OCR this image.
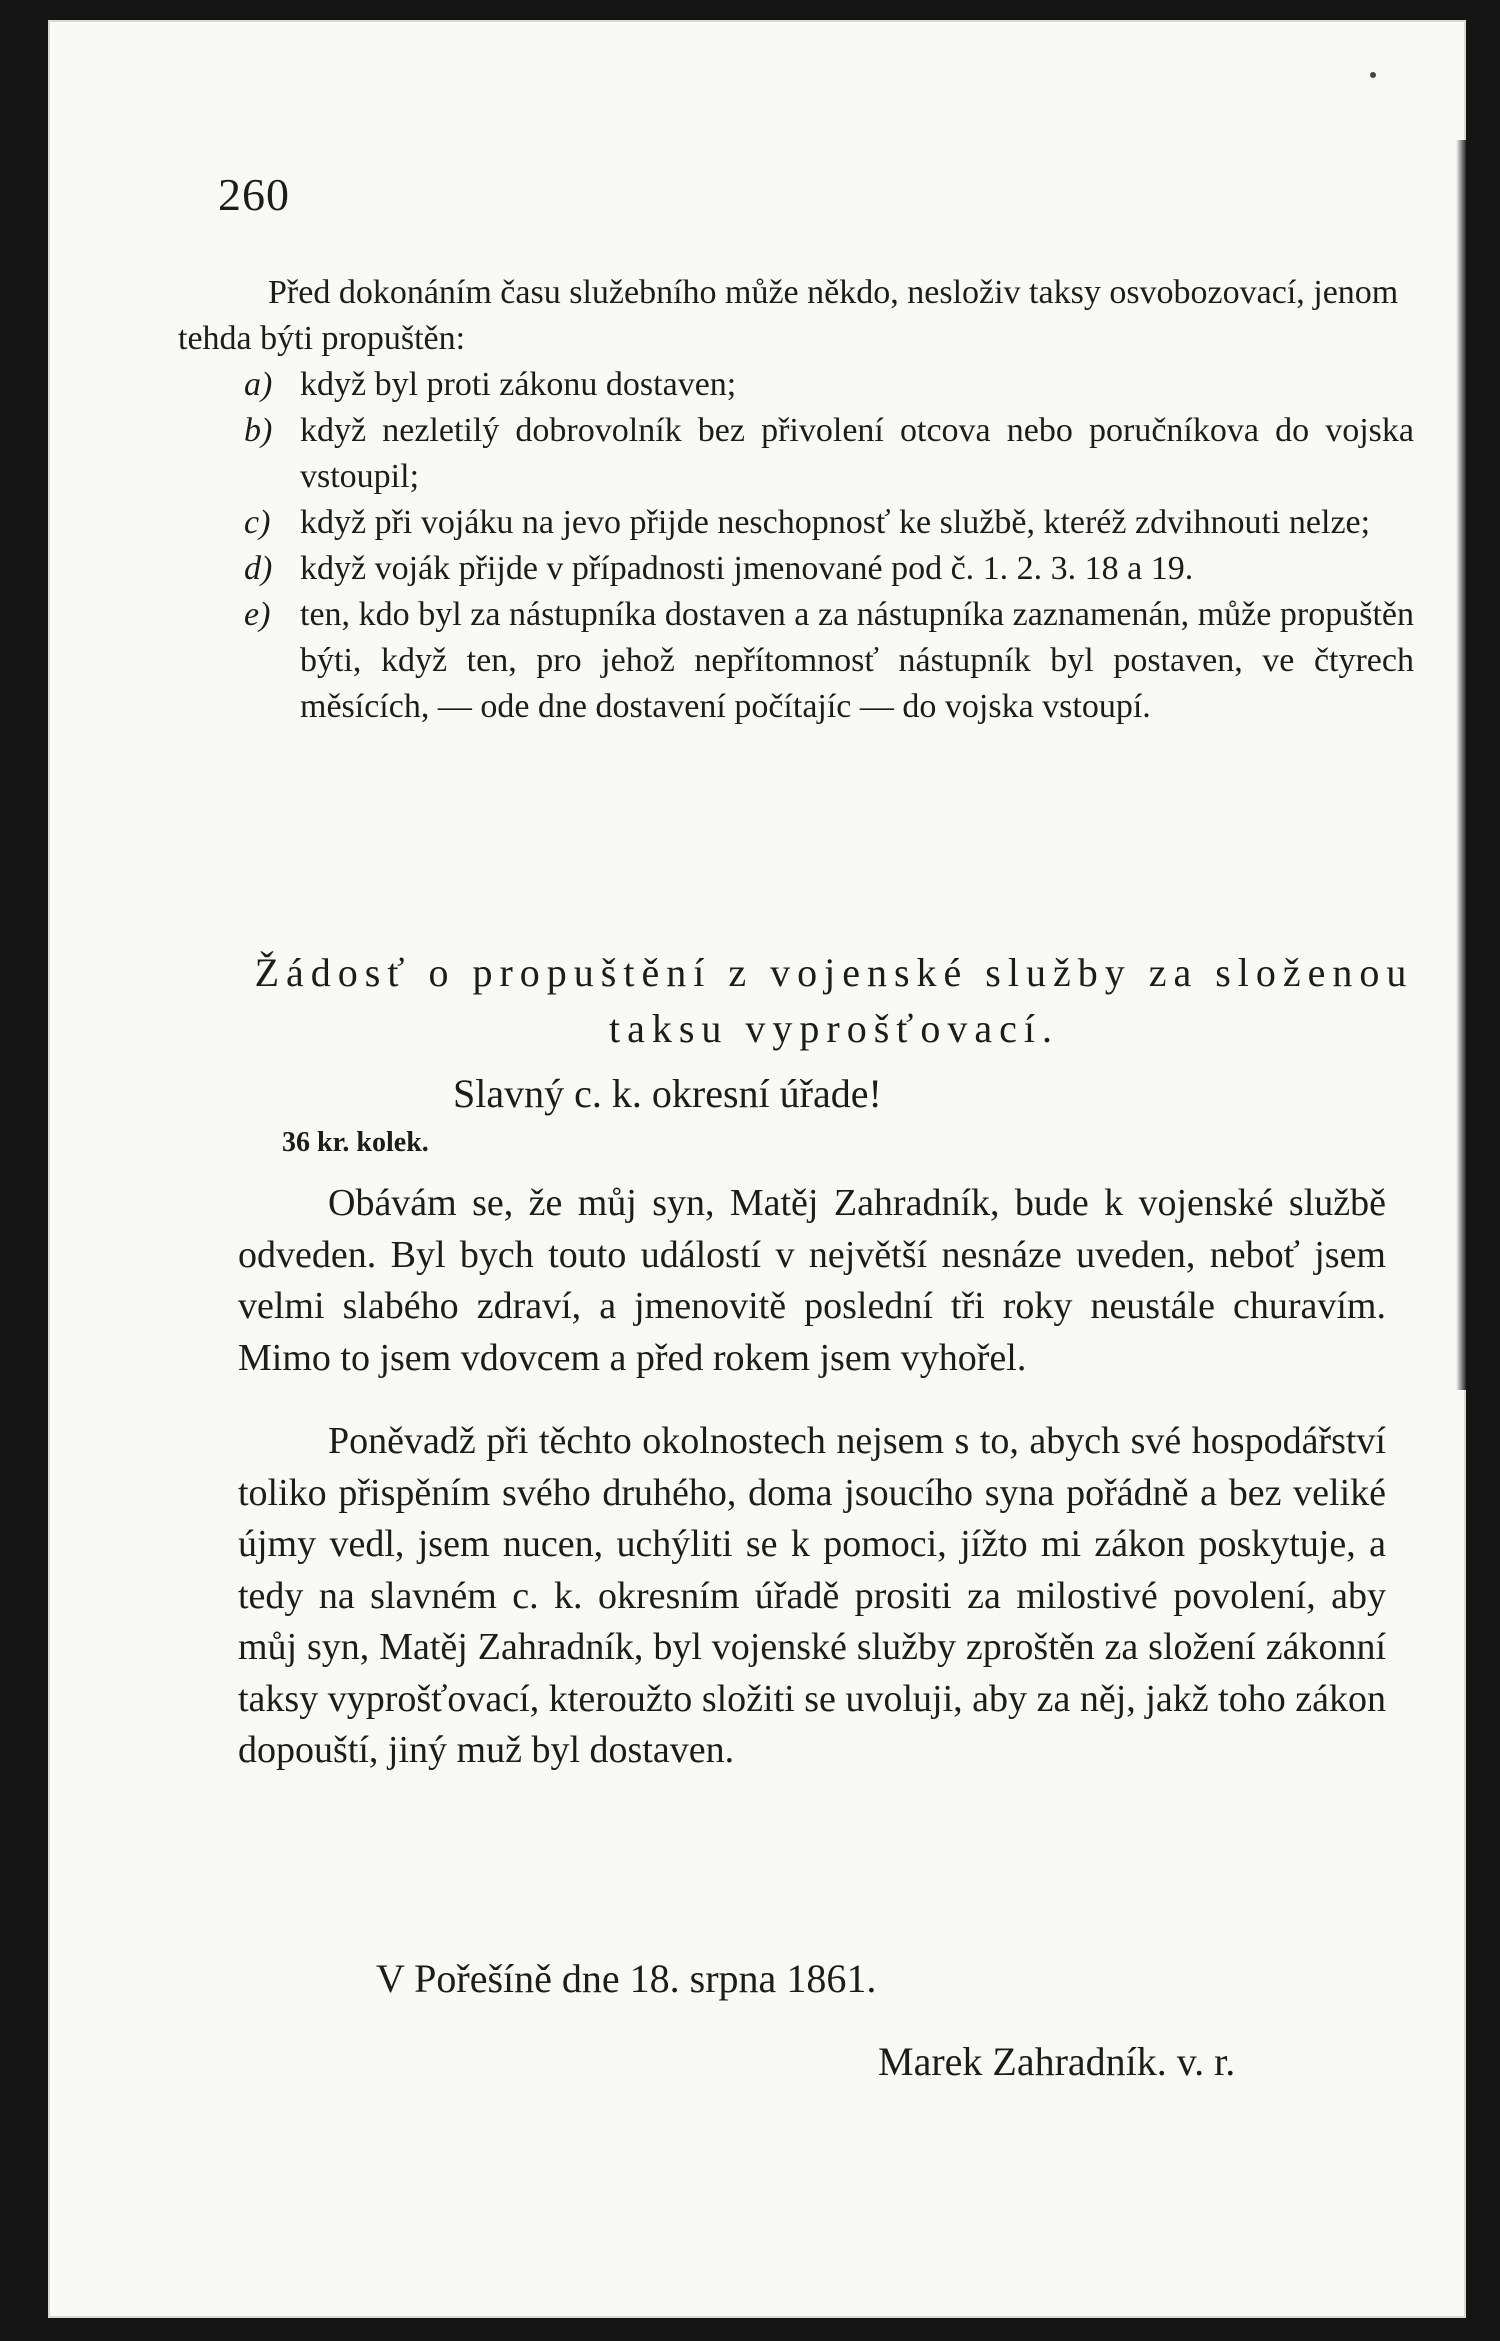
260

Před dokonáním času služebního může někdo, nesloživ taksy osvobozovací, jenom tehda býti propuštěn:

a) když byl proti zákonu dostaven;
b) když nezletilý dobrovolník bez přivolení otcova nebo poručníkova do vojska vstoupil;
c) když při vojáku na jevo přijde neschopnosť ke službě, kteréž zdvihnouti nelze;
d) když voják přijde v případnosti jmenované pod č. 1. 2. 3. 18 a 19.
e) ten, kdo byl za nástupníka dostaven a za nástupníka zaznamenán, může propuštěn býti, když ten, pro jehož nepřítomnosť nástupník byl postaven, ve čtyrech měsících, — ode dne dostavení počítajíc — do vojska vstoupí.
Žádosť o propuštění z vojenské služby za složenou taksu vyprošťovací.
Slavný c. k. okresní úřade!
36 kr. kolek.

Obávám se, že můj syn, Matěj Zahradník, bude k vojenské službě odveden. Byl bych touto událostí v největší nesnáze uveden, neboť jsem velmi slabého zdraví, a jmenovitě poslední tři roky neustále churavím. Mimo to jsem vdovcem a před rokem jsem vyhořel.

Poněvadž při těchto okolnostech nejsem s to, abych své hospodářství toliko přispěním svého druhého, doma jsoucího syna pořádně a bez veliké újmy vedl, jsem nucen, uchýliti se k pomoci, jížto mi zákon poskytuje, a tedy na slavném c. k. okresním úřadě prositi za milostivé povolení, aby můj syn, Matěj Zahradník, byl vojenské služby zproštěn za složení zákonní taksy vyprošťovací, kteroužto složiti se uvoluji, aby za něj, jakž toho zákon dopouští, jiný muž byl dostaven.

V Pořešíně dne 18. srpna 1861.
Marek Zahradník. v. r.
